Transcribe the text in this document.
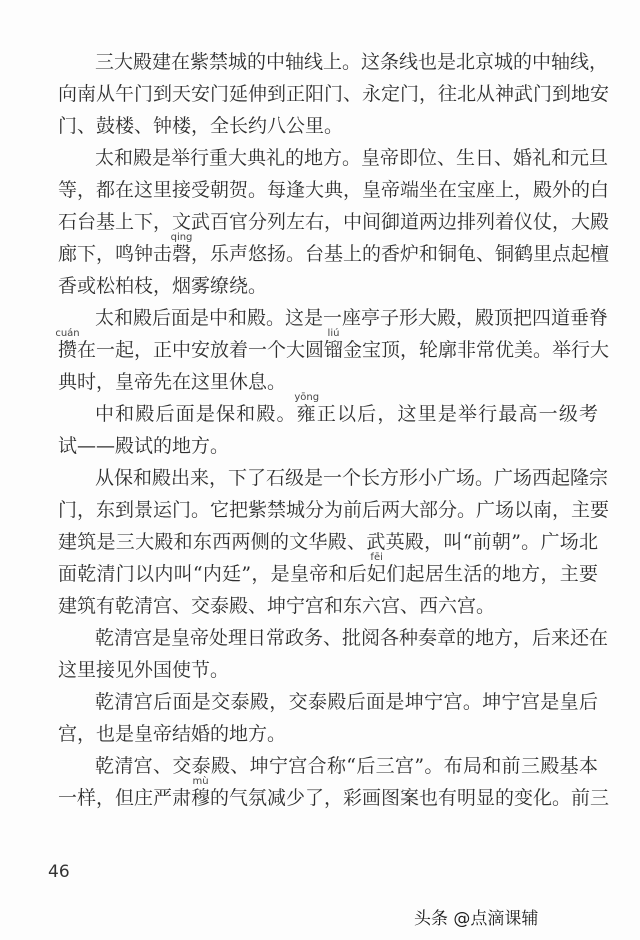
三大殿建在紫禁城的中轴线上。这条线也是北京城的中轴线，
向南从午门到天安门延伸到正阳门、永定门，往北从神武门到地安
门、鼓楼、钟楼，全长约八公里。
太和殿是举行重大典礼的地方。皇帝即位、生日、婚礼和元旦
等，都在这里接受朝贺。每逢大典，皇帝端坐在宝座上，殿外的白
石台基上下，文武百官分列左右，中间御道两边排列着仪仗，大殿
廊下，鸣钟击磬，乐声悠扬。台基上的香炉和铜龟、铜鹤里点起檀
香或松柏枝，烟雾缭绕。
太和殿后面是中和殿。这是一座亭子形大殿，殿顶把四道垂脊
攒在一起，正中安放着一个大圆镏金宝顶，轮廓非常优美。举行大
典时，皇帝先在这里休息。
中和殿后面是保和殿。雍正以后，这里是举行最高一级考
试——殿试的地方。
从保和殿出来，下了石级是一个长方形小广场。广场西起隆宗
门，东到景运门。它把紫禁城分为前后两大部分。广场以南，主要
建筑是三大殿和东西两侧的文华殿、武英殿，叫“前朝”。广场北
面乾清门以内叫“内廷”，是皇帝和后妃们起居生活的地方，主要
建筑有乾清宫、交泰殿、坤宁宫和东六宫、西六宫。
乾清宫是皇帝处理日常政务、批阅各种奏章的地方，后来还在
这里接见外国使节。
乾清宫后面是交泰殿，交泰殿后面是坤宁宫。坤宁宫是皇后
宫，也是皇帝结婚的地方。
乾清宫、交泰殿、坤宁宫合称“后三宫”。布局和前三殿基本
一样，但庄严肃穆的气氛减少了，彩画图案也有明显的变化。前三
qing
cuán	liú
yōng
fēi
mù
46
头条 @点滴课辅
